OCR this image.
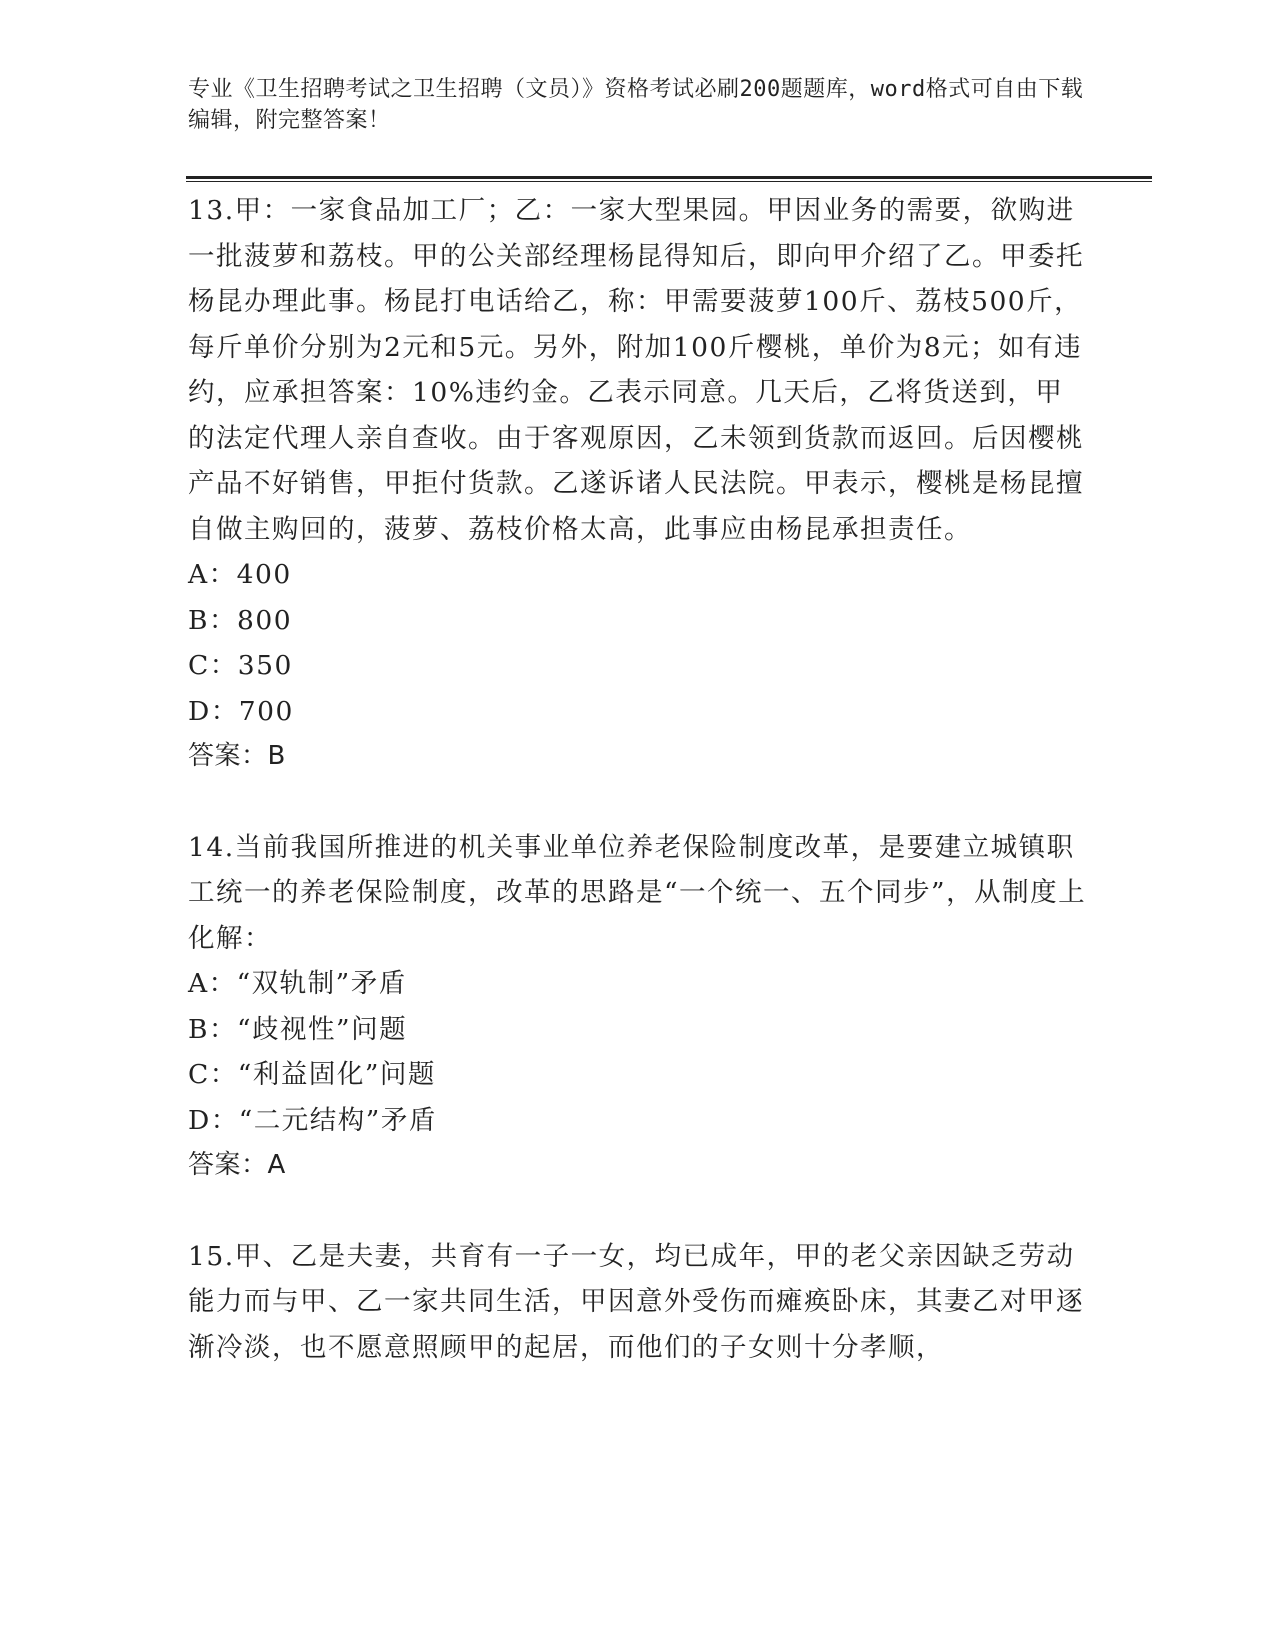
专业《卫生招聘考试之卫生招聘（文员）》资格考试必刷200题题库，word格式可自由下载编辑，附完整答案！

13.甲：一家食品加工厂；乙：一家大型果园。甲因业务的需要，欲购进一批菠萝和荔枝。甲的公关部经理杨昆得知后，即向甲介绍了乙。甲委托杨昆办理此事。杨昆打电话给乙，称：甲需要菠萝100斤、荔枝500斤，每斤单价分别为2元和5元。另外，附加100斤樱桃，单价为8元；如有违约，应承担答案：10%违约金。乙表示同意。几天后，乙将货送到，甲的法定代理人亲自查收。由于客观原因，乙未领到货款而返回。后因樱桃产品不好销售，甲拒付货款。乙遂诉诸人民法院。甲表示，樱桃是杨昆擅自做主购回的，菠萝、荔枝价格太高，此事应由杨昆承担责任。

A：400

B：800

C：350

D：700

答案：B

14.当前我国所推进的机关事业单位养老保险制度改革，是要建立城镇职工统一的养老保险制度，改革的思路是“一个统一、五个同步”，从制度上化解：

A：“双轨制”矛盾

B：“歧视性”问题

C：“利益固化”问题

D：“二元结构”矛盾

答案：A

15.甲、乙是夫妻，共育有一子一女，均已成年，甲的老父亲因缺乏劳动能力而与甲、乙一家共同生活，甲因意外受伤而瘫痪卧床，其妻乙对甲逐渐冷淡，也不愿意照顾甲的起居，而他们的子女则十分孝顺，
